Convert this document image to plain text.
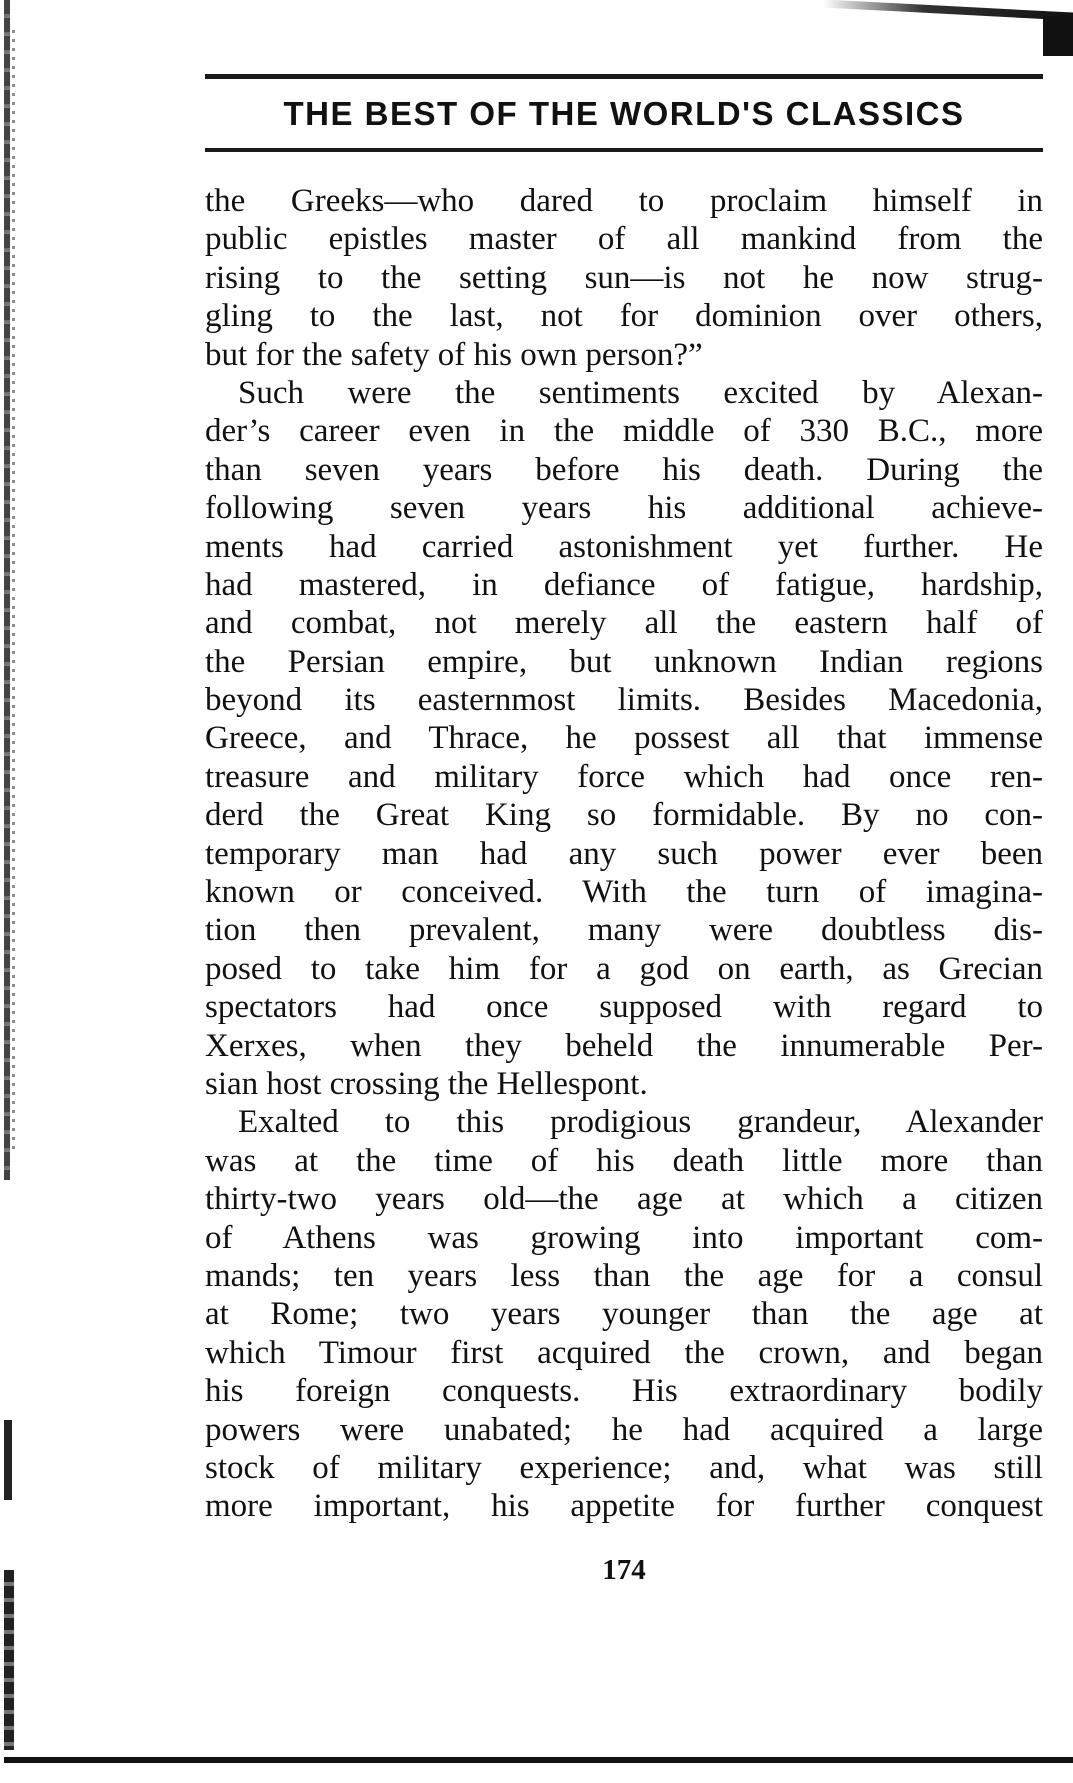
THE BEST OF THE WORLD'S CLASSICS
the Greeks—who dared to proclaim himself in
public epistles master of all mankind from the
rising to the setting sun—is not he now strug-
gling to the last, not for dominion over others,
but for the safety of his own person?”
 Such were the sentiments excited by Alexan-
der’s career even in the middle of 330 B.C., more
than seven years before his death. During the
following seven years his additional achieve-
ments had carried astonishment yet further. He
had mastered, in defiance of fatigue, hardship,
and combat, not merely all the eastern half of
the Persian empire, but unknown Indian regions
beyond its easternmost limits. Besides Macedonia,
Greece, and Thrace, he possest all that immense
treasure and military force which had once ren-
derd the Great King so formidable. By no con-
temporary man had any such power ever been
known or conceived. With the turn of imagina-
tion then prevalent, many were doubtless dis-
posed to take him for a god on earth, as Grecian
spectators had once supposed with regard to
Xerxes, when they beheld the innumerable Per-
sian host crossing the Hellespont.
 Exalted to this prodigious grandeur, Alexander
was at the time of his death little more than
thirty-two years old—the age at which a citizen
of Athens was growing into important com-
mands; ten years less than the age for a consul
at Rome; two years younger than the age at
which Timour first acquired the crown, and began
his foreign conquests. His extraordinary bodily
powers were unabated; he had acquired a large
stock of military experience; and, what was still
more important, his appetite for further conquest
174
